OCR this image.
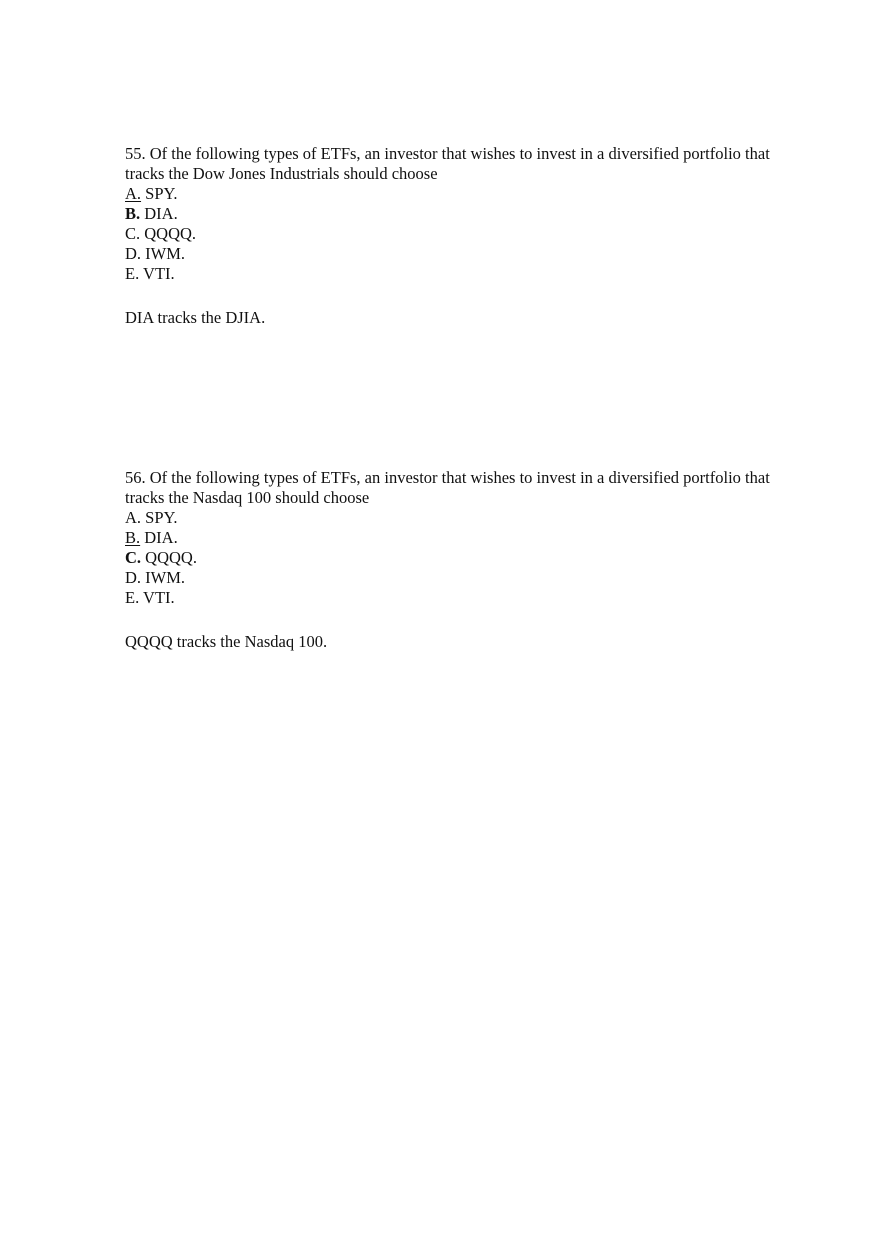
55. Of the following types of ETFs, an investor that wishes to invest in a diversified portfolio that tracks the Dow Jones Industrials should choose

A. SPY.
B. DIA.
C. QQQQ.
D. IWM.
E. VTI.

DIA tracks the DJIA.

56. Of the following types of ETFs, an investor that wishes to invest in a diversified portfolio that tracks the Nasdaq 100 should choose

A. SPY.
B. DIA.
C. QQQQ.
D. IWM.
E. VTI.

QQQQ tracks the Nasdaq 100.
